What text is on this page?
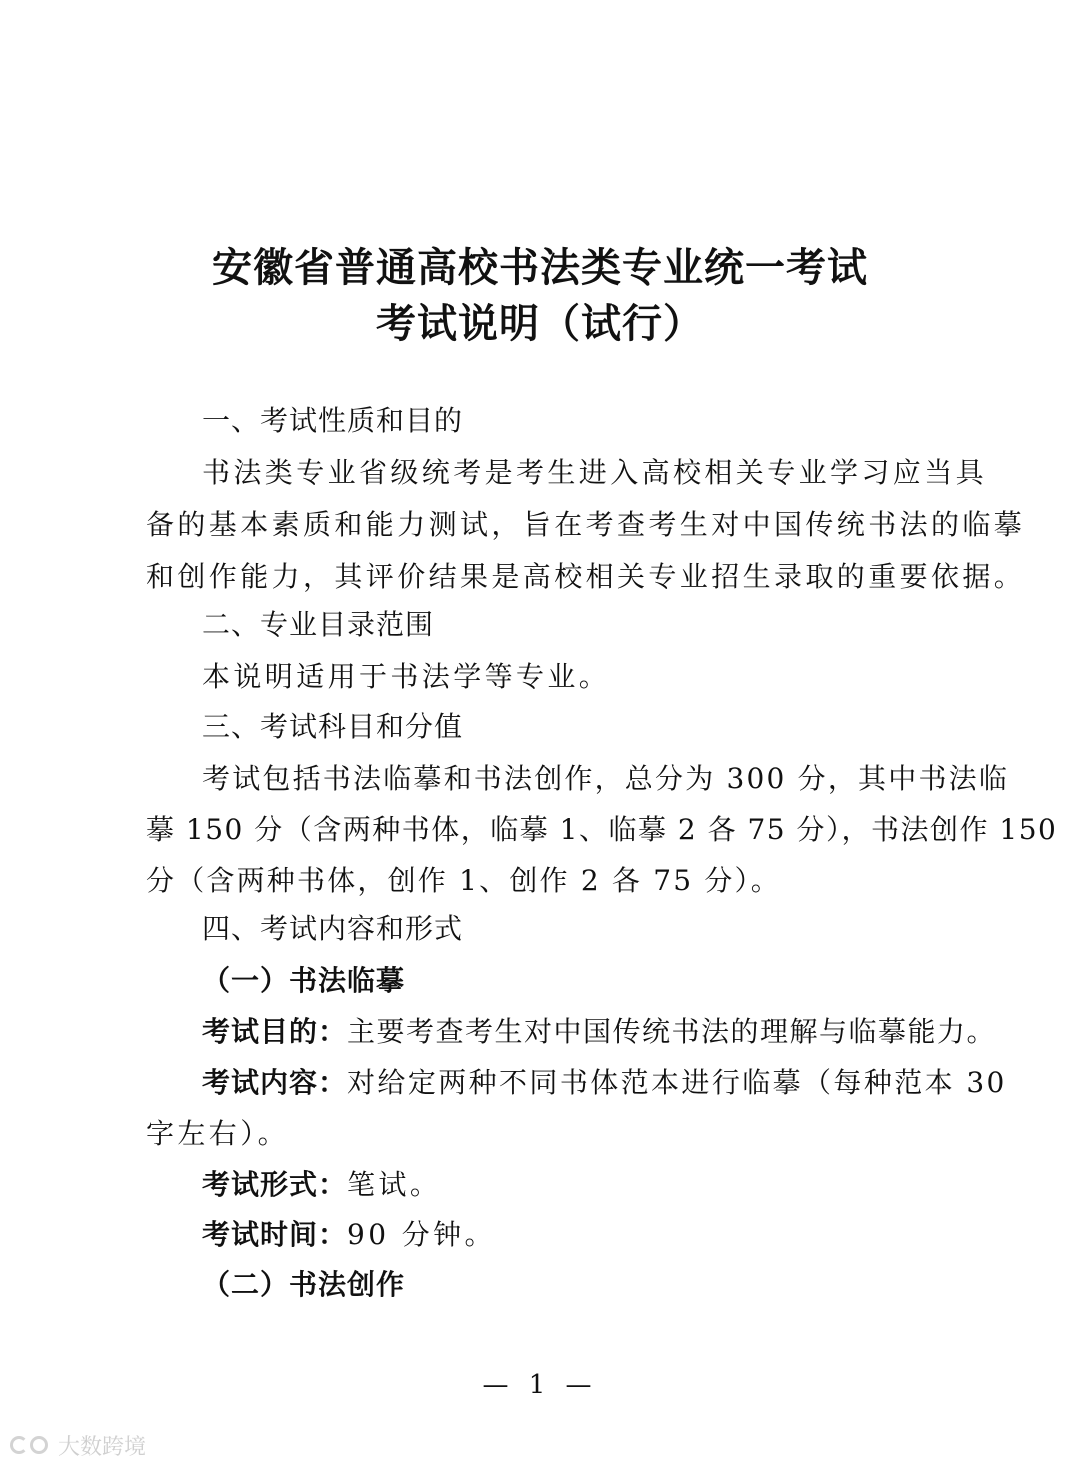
安徽省普通高校书法类专业统一考试
考试说明（试行）
一、考试性质和目的
书法类专业省级统考是考生进入高校相关专业学习应当具
备的基本素质和能力测试，旨在考查考生对中国传统书法的临摹
和创作能力，其评价结果是高校相关专业招生录取的重要依据。
二、专业目录范围
本说明适用于书法学等专业。
三、考试科目和分值
考试包括书法临摹和书法创作，总分为 300 分，其中书法临
摹 150 分（含两种书体，临摹 1、临摹 2 各 75 分），书法创作 150
分（含两种书体，创作 1、创作 2 各 75 分）。
四、考试内容和形式
（一）书法临摹
考试目的：主要考查考生对中国传统书法的理解与临摹能力。
考试内容：对给定两种不同书体范本进行临摹（每种范本 30
字左右）。
考试形式：笔试。
考试时间：90 分钟。
（二）书法创作
— 1 —
大数跨境
